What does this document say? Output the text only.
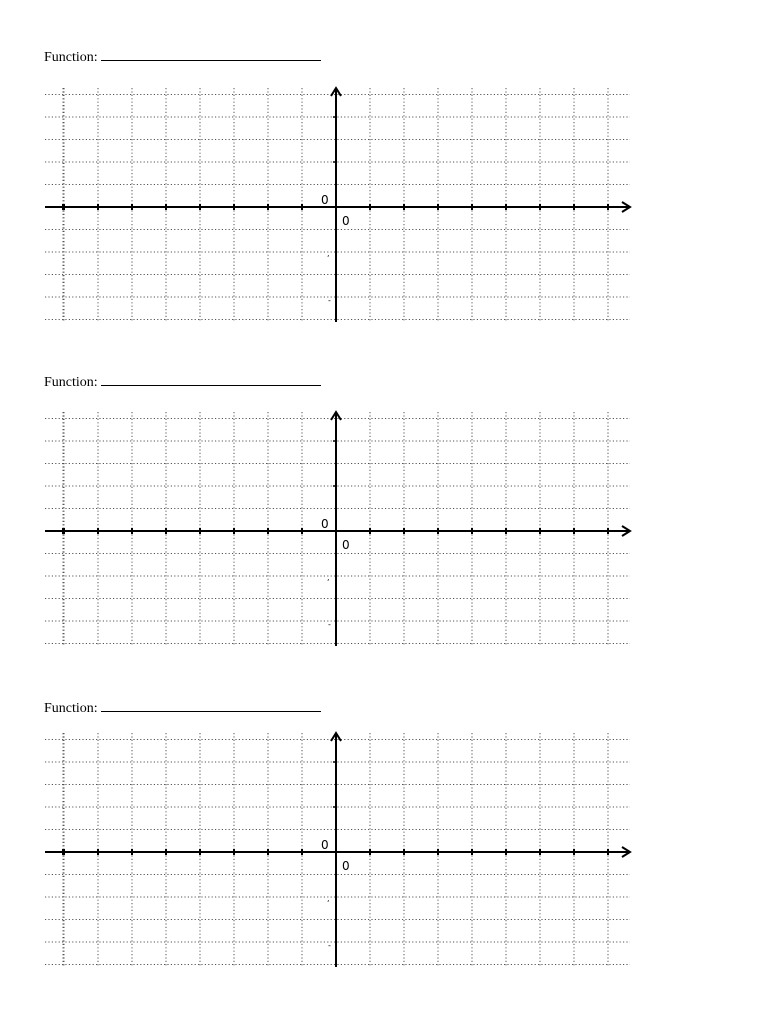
Function:
,
-
0
0
Function:
,
-
0
0
Function:
,
-
0
0
